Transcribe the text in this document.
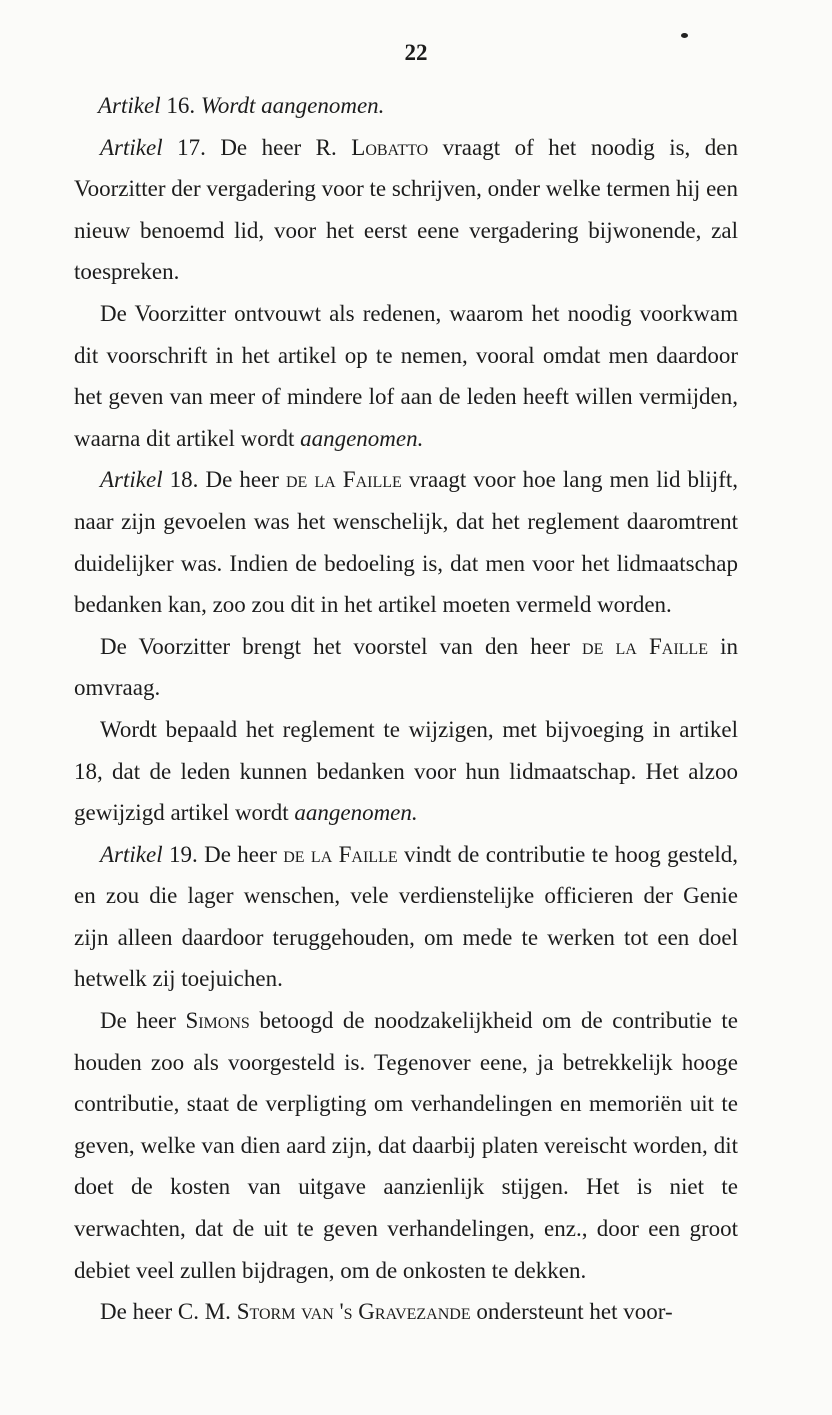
22

Artikel 16. Wordt aangenomen.

Artikel 17. De heer R. Lobatto vraagt of het noodig is, den Voorzitter der vergadering voor te schrijven, onder welke termen hij een nieuw benoemd lid, voor het eerst eene vergadering bijwonende, zal toespreken.

De Voorzitter ontvouwt als redenen, waarom het noodig voorkwam dit voorschrift in het artikel op te nemen, vooral omdat men daardoor het geven van meer of mindere lof aan de leden heeft willen vermijden, waarna dit artikel wordt aangenomen.

Artikel 18. De heer de la Faille vraagt voor hoe lang men lid blijft, naar zijn gevoelen was het wenschelijk, dat het reglement daaromtrent duidelijker was. Indien de bedoeling is, dat men voor het lidmaatschap bedanken kan, zoo zou dit in het artikel moeten vermeld worden.

De Voorzitter brengt het voorstel van den heer de la Faille in omvraag.

Wordt bepaald het reglement te wijzigen, met bijvoeging in artikel 18, dat de leden kunnen bedanken voor hun lidmaatschap. Het alzoo gewijzigd artikel wordt aangenomen.

Artikel 19. De heer de la Faille vindt de contributie te hoog gesteld, en zou die lager wenschen, vele verdienstelijke officieren der Genie zijn alleen daardoor teruggehouden, om mede te werken tot een doel hetwelk zij toejuichen.

De heer Simons betoogd de noodzakelijkheid om de contributie te houden zoo als voorgesteld is. Tegenover eene, ja betrekkelijk hooge contributie, staat de verpligting om verhandelingen en memoriën uit te geven, welke van dien aard zijn, dat daarbij platen vereischt worden, dit doet de kosten van uitgave aanzienlijk stijgen. Het is niet te verwachten, dat de uit te geven verhandelingen, enz., door een groot debiet veel zullen bijdragen, om de onkosten te dekken.

De heer C. M. Storm van 's Gravezande ondersteunt het voor-
